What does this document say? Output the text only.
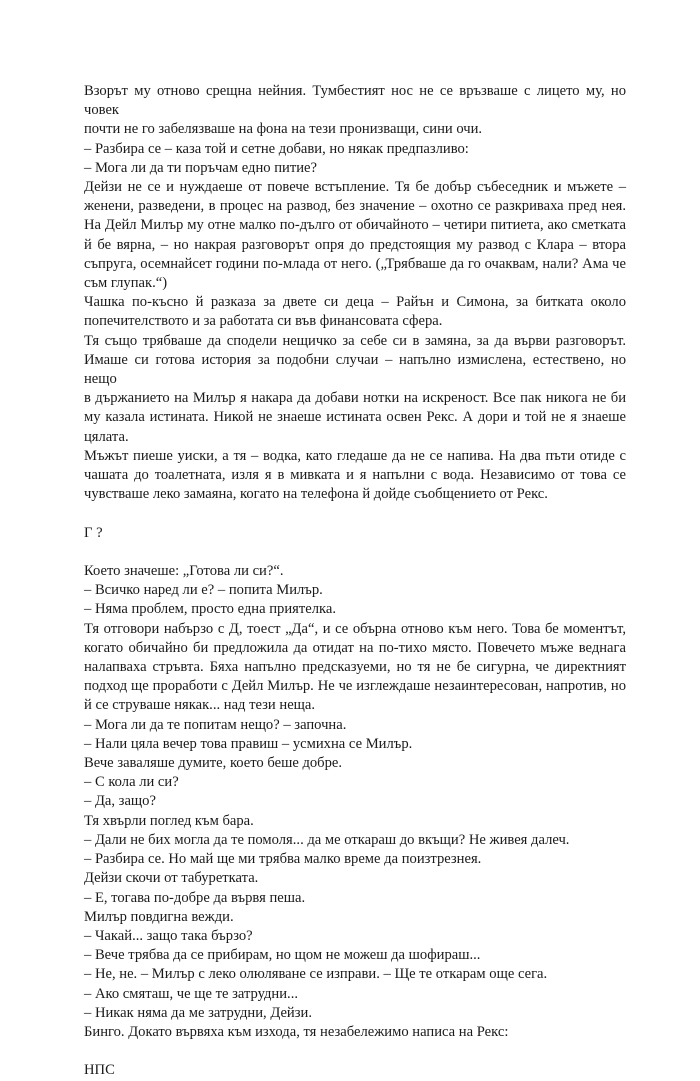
Взорът му отново срещна нейния. Тумбестият нос не се връзваше с лицето му, но човек
почти не го забелязваше на фона на тези пронизващи, сини очи.
– Разбира се – каза той и сетне добави, но някак предпазливо:
– Мога ли да ти поръчам едно питие?
Дейзи не се и нуждаеше от повече встъпление. Тя бе добър събеседник и мъжете –
женени, разведени, в процес на развод, без значение – охотно се разкриваха пред нея.
На Дейл Милър му отне малко по-дълго от обичайното – четири питиета, ако сметката
й бе вярна, – но накрая разговорът опря до предстоящия му развод с Клара – втора
съпруга, осемнайсет години по-млада от него. („Трябваше да го очаквам, нали? Ама че
съм глупак.“)
Чашка по-късно й разказа за двете си деца – Райън и Симона, за битката около
попечителството и за работата си във финансовата сфера.
Тя също трябваше да сподели нещичко за себе си в замяна, за да върви разговорът.
Имаше си готова история за подобни случаи – напълно измислена, естествено, но нещо
в държанието на Милър я накара да добави нотки на искреност. Все пак никога не би
му казала истината. Никой не знаеше истината освен Рекс. А дори и той не я знаеше
цялата.
Мъжът пиеше уиски, а тя – водка, като гледаше да не се напива. На два пъти отиде с
чашата до тоалетната, изля я в мивката и я напълни с вода. Независимо от това се
чувстваше леко замаяна, когато на телефона й дойде съобщението от Рекс.
Г ?
Което значеше: „Готова ли си?“.
– Всичко наред ли е? – попита Милър.
– Няма проблем, просто една приятелка.
Тя отговори набързо с Д, тоест „Да“, и се обърна отново към него. Това бе моментът,
когато обичайно би предложила да отидат на по-тихо място. Повечето мъже веднага
налапваха стръвта. Бяха напълно предсказуеми, но тя не бе сигурна, че директният
подход ще проработи с Дейл Милър. Не че изглеждаше незаинтересован, напротив, но
й се струваше някак... над тези неща.
– Мога ли да те попитам нещо? – започна.
– Нали цяла вечер това правиш – усмихна се Милър.
Вече заваляше думите, което беше добре.
– С кола ли си?
– Да, защо?
Тя хвърли поглед към бара.
– Дали не бих могла да те помоля... да ме откараш до вкъщи? Не живея далеч.
– Разбира се. Но май ще ми трябва малко време да поизтрезнея.
Дейзи скочи от табуретката.
– Е, тогава по-добре да вървя пеша.
Милър повдигна вежди.
– Чакай... защо така бързо?
– Вече трябва да се прибирам, но щом не можеш да шофираш...
– Не, не. – Милър с леко олюляване се изправи. – Ще те откарам още сега.
– Ако смяташ, че ще те затрудни...
– Никак няма да ме затрудни, Дейзи.
Бинго. Докато вървяха към изхода, тя незабележимо написа на Рекс:
НПС
